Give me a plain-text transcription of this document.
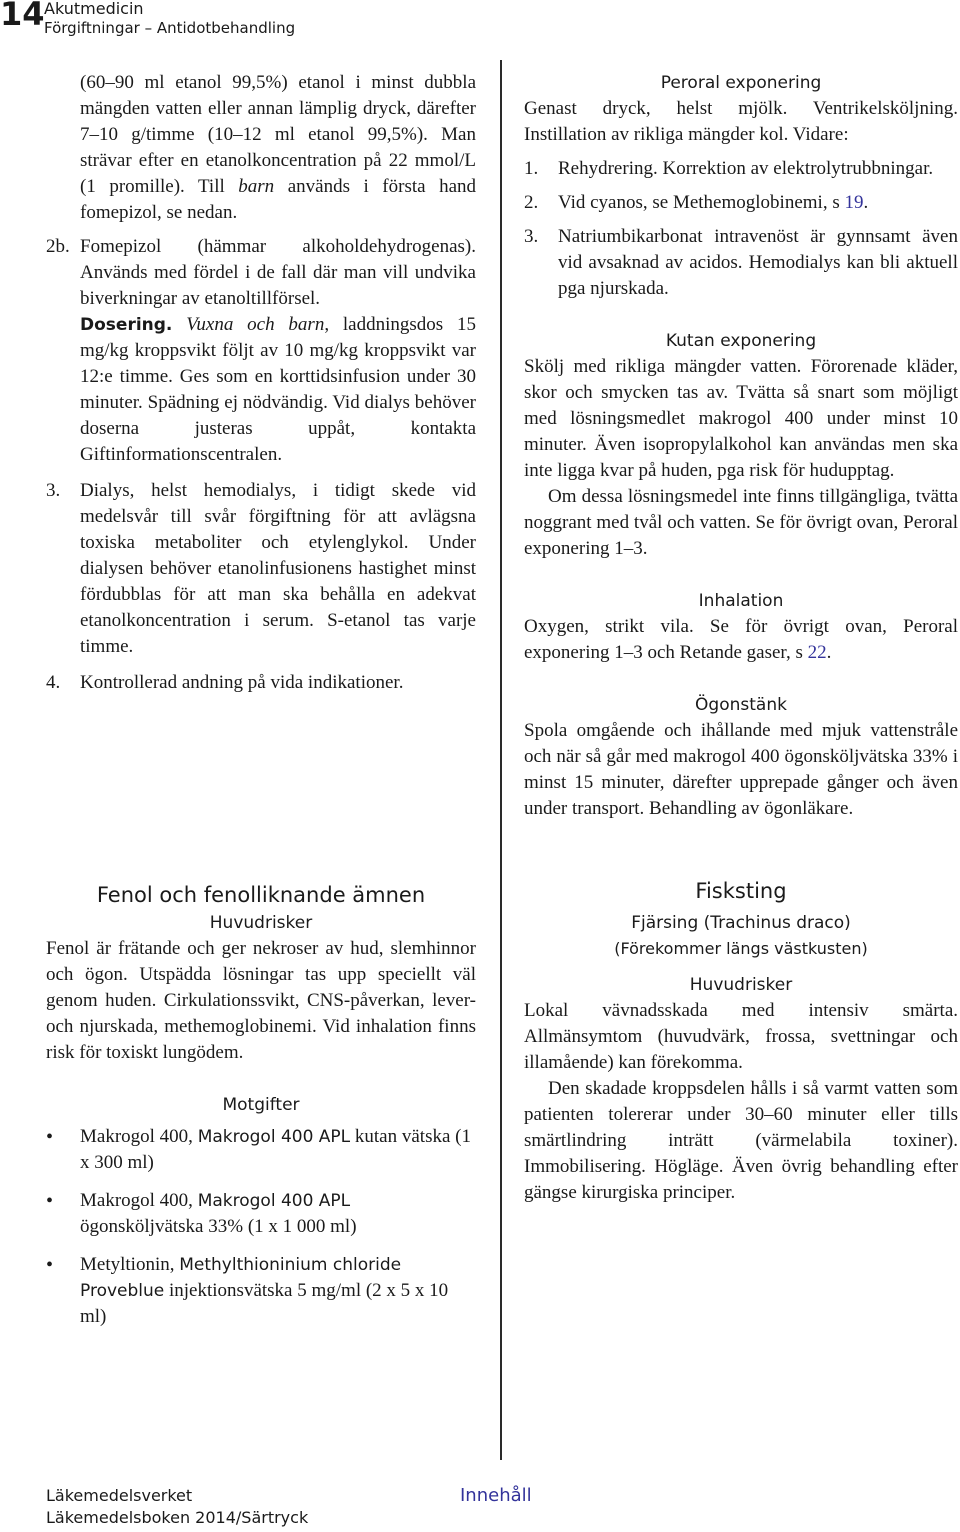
14 Akutmedicin
Förgiftningar – Antidotbehandling

(60–90 ml etanol 99,5%) etanol i minst dubbla mängden vatten eller annan lämplig dryck, därefter 7–10 g/timme (10–12 ml etanol 99,5%). Man strävar efter en etanolkoncentration på 22 mmol/L (1 promille). Till barn används i första hand fomepizol, se nedan.

2b. Fomepizol (hämmar alkoholdehydrogenas). Används med fördel i de fall där man vill undvika biverkningar av etanoltillförsel.

Dosering. Vuxna och barn, laddningsdos 15 mg/kg kroppsvikt följt av 10 mg/kg kroppsvikt var 12:e timme. Ges som en korttidsinfusion under 30 minuter. Spädning ej nödvändig. Vid dialys behöver doserna justeras uppåt, kontakta Giftinformationscentralen.

3.	Dialys, helst hemodialys, i tidigt skede vid medelsvår till svår förgiftning för att avlägsna toxiska metaboliter och etylenglykol. Under dialysen behöver etanolinfusionens hastighet minst fördubblas för att man ska behålla en adekvat etanolkoncentration i serum. S-etanol tas varje timme.

4.	Kontrollerad andning på vida indikationer.

Fenol och fenolliknande ämnen

Huvudrisker

Fenol är frätande och ger nekroser av hud, slemhinnor och ögon. Utspädda lösningar tas upp speciellt väl genom huden. Cirkulationssvikt, CNS-påverkan, lever- och njurskada, methemoglobinemi. Vid inhalation finns risk för toxiskt lungödem.

Motgifter

•	Makrogol 400, Makrogol 400 APL kutan vätska (1 x 300 ml)

•	Makrogol 400, Makrogol 400 APL ögonsköljvätska 33% (1 x 1 000 ml)

•	Metyltionin, Methylthioninium chloride Proveblue injektionsvätska 5 mg/ml (2 x 5 x 10 ml)

Peroral exponering

Genast dryck, helst mjölk. Ventrikelsköljning. Instillation av rikliga mängder kol. Vidare:

1.	Rehydrering. Korrektion av elektrolytrubbningar.

2.	Vid cyanos, se Methemoglobinemi, s 19.

3.	Natriumbikarbonat intravenöst är gynnsamt även vid avsaknad av acidos. Hemodialys kan bli aktuell pga njurskada.

Kutan exponering

Skölj med rikliga mängder vatten. Förorenade kläder, skor och smycken tas av. Tvätta så snart som möjligt med lösningsmedlet makrogol 400 under minst 10 minuter. Även isopropylalkohol kan användas men ska inte ligga kvar på huden, pga risk för hudupptag.

Om dessa lösningsmedel inte finns tillgängliga, tvätta noggrant med tvål och vatten. Se för övrigt ovan, Peroral exponering 1–3.

Inhalation

Oxygen, strikt vila. Se för övrigt ovan, Peroral exponering 1–3 och Retande gaser, s 22.

Ögonstänk

Spola omgående och ihållande med mjuk vattenstråle och när så går med makrogol 400 ögonsköljvätska 33% i minst 15 minuter, därefter upprepade gånger och även under transport. Behandling av ögonläkare.

Fisksting

Fjärsing (Trachinus draco)

(Förekommer längs västkusten)

Huvudrisker

Lokal vävnadsskada med intensiv smärta. Allmänsymtom (huvudvärk, frossa, svettningar och illamående) kan förekomma.

Den skadade kroppsdelen hålls i så varmt vatten som patienten tolererar under 30–60 minuter eller tills smärtlindring inträtt (värmelabila toxiner). Immobilisering. Högläge. Även övrig behandling efter gängse kirurgiska principer.

Läkemedelsverket
Läkemedelsboken 2014/Särtryck
Innehåll
